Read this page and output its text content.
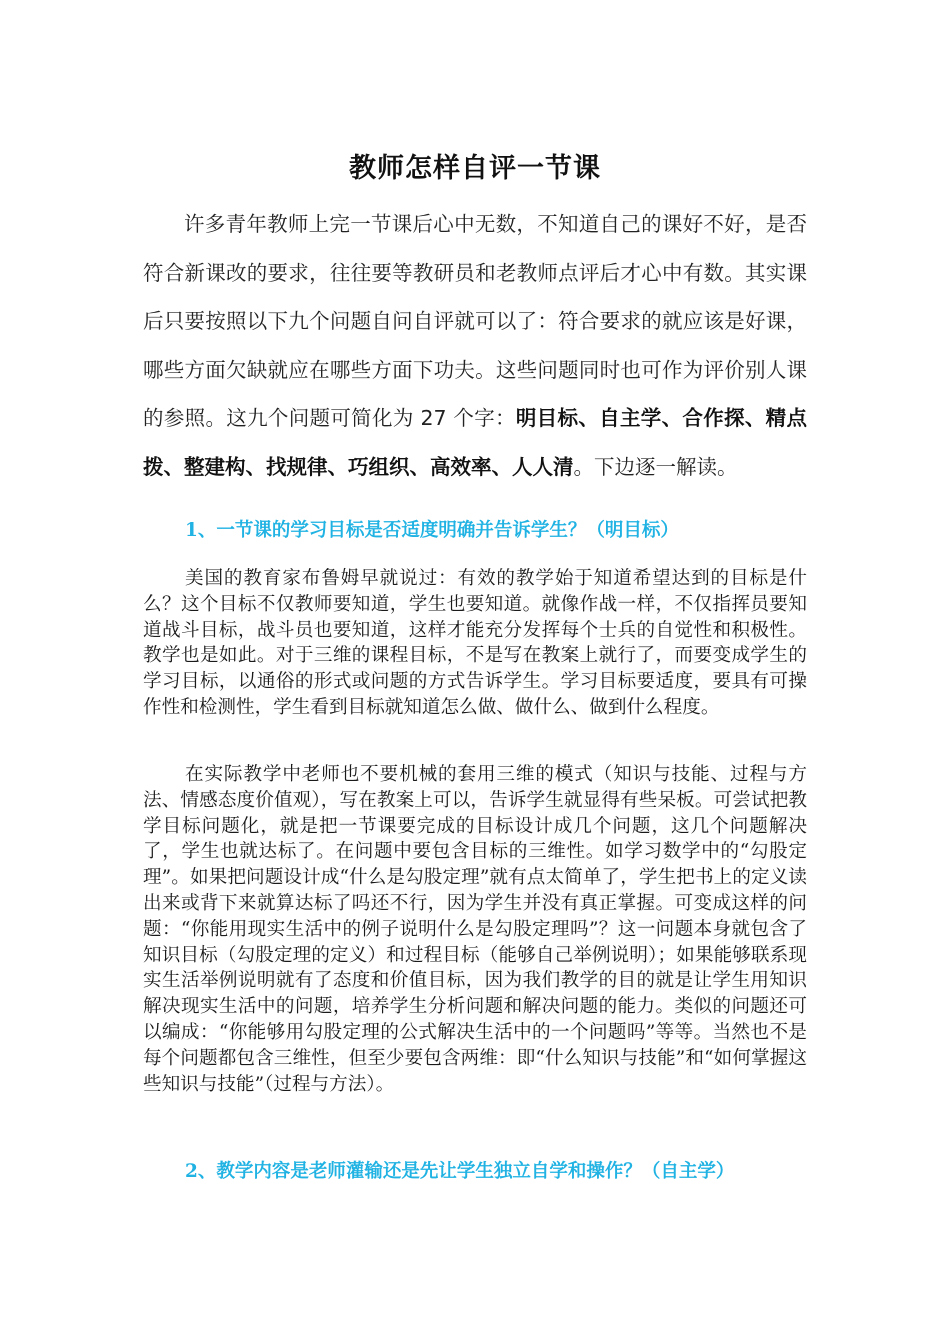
教师怎样自评一节课

许多青年教师上完一节课后心中无数，不知道自己的课好不好，是否符合新课改的要求，往往要等教研员和老教师点评后才心中有数。其实课后只要按照以下九个问题自问自评就可以了：符合要求的就应该是好课，哪些方面欠缺就应在哪些方面下功夫。这些问题同时也可作为评价别人课的参照。这九个问题可简化为 27 个字：明目标、自主学、合作探、精点拨、整建构、找规律、巧组织、高效率、人人清。下边逐一解读。

1、一节课的学习目标是否适度明确并告诉学生？（明目标）

美国的教育家布鲁姆早就说过：有效的教学始于知道希望达到的目标是什么？这个目标不仅教师要知道，学生也要知道。就像作战一样，不仅指挥员要知道战斗目标，战斗员也要知道，这样才能充分发挥每个士兵的自觉性和积极性。教学也是如此。对于三维的课程目标，不是写在教案上就行了，而要变成学生的学习目标，以通俗的形式或问题的方式告诉学生。学习目标要适度，要具有可操作性和检测性，学生看到目标就知道怎么做、做什么、做到什么程度。

在实际教学中老师也不要机械的套用三维的模式（知识与技能、过程与方法、情感态度价值观），写在教案上可以，告诉学生就显得有些呆板。可尝试把教学目标问题化，就是把一节课要完成的目标设计成几个问题，这几个问题解决了，学生也就达标了。在问题中要包含目标的三维性。如学习数学中的“勾股定理”。如果把问题设计成“什么是勾股定理”就有点太简单了，学生把书上的定义读出来或背下来就算达标了吗还不行，因为学生并没有真正掌握。可变成这样的问题：“你能用现实生活中的例子说明什么是勾股定理吗”？这一问题本身就包含了知识目标（勾股定理的定义）和过程目标（能够自己举例说明）；如果能够联系现实生活举例说明就有了态度和价值目标，因为我们教学的目的就是让学生用知识解决现实生活中的问题，培养学生分析问题和解决问题的能力。类似的问题还可以编成：“你能够用勾股定理的公式解决生活中的一个问题吗”等等。当然也不是每个问题都包含三维性，但至少要包含两维：即“什么知识与技能”和“如何掌握这些知识与技能”（过程与方法）。

2、教学内容是老师灌输还是先让学生独立自学和操作？（自主学）
